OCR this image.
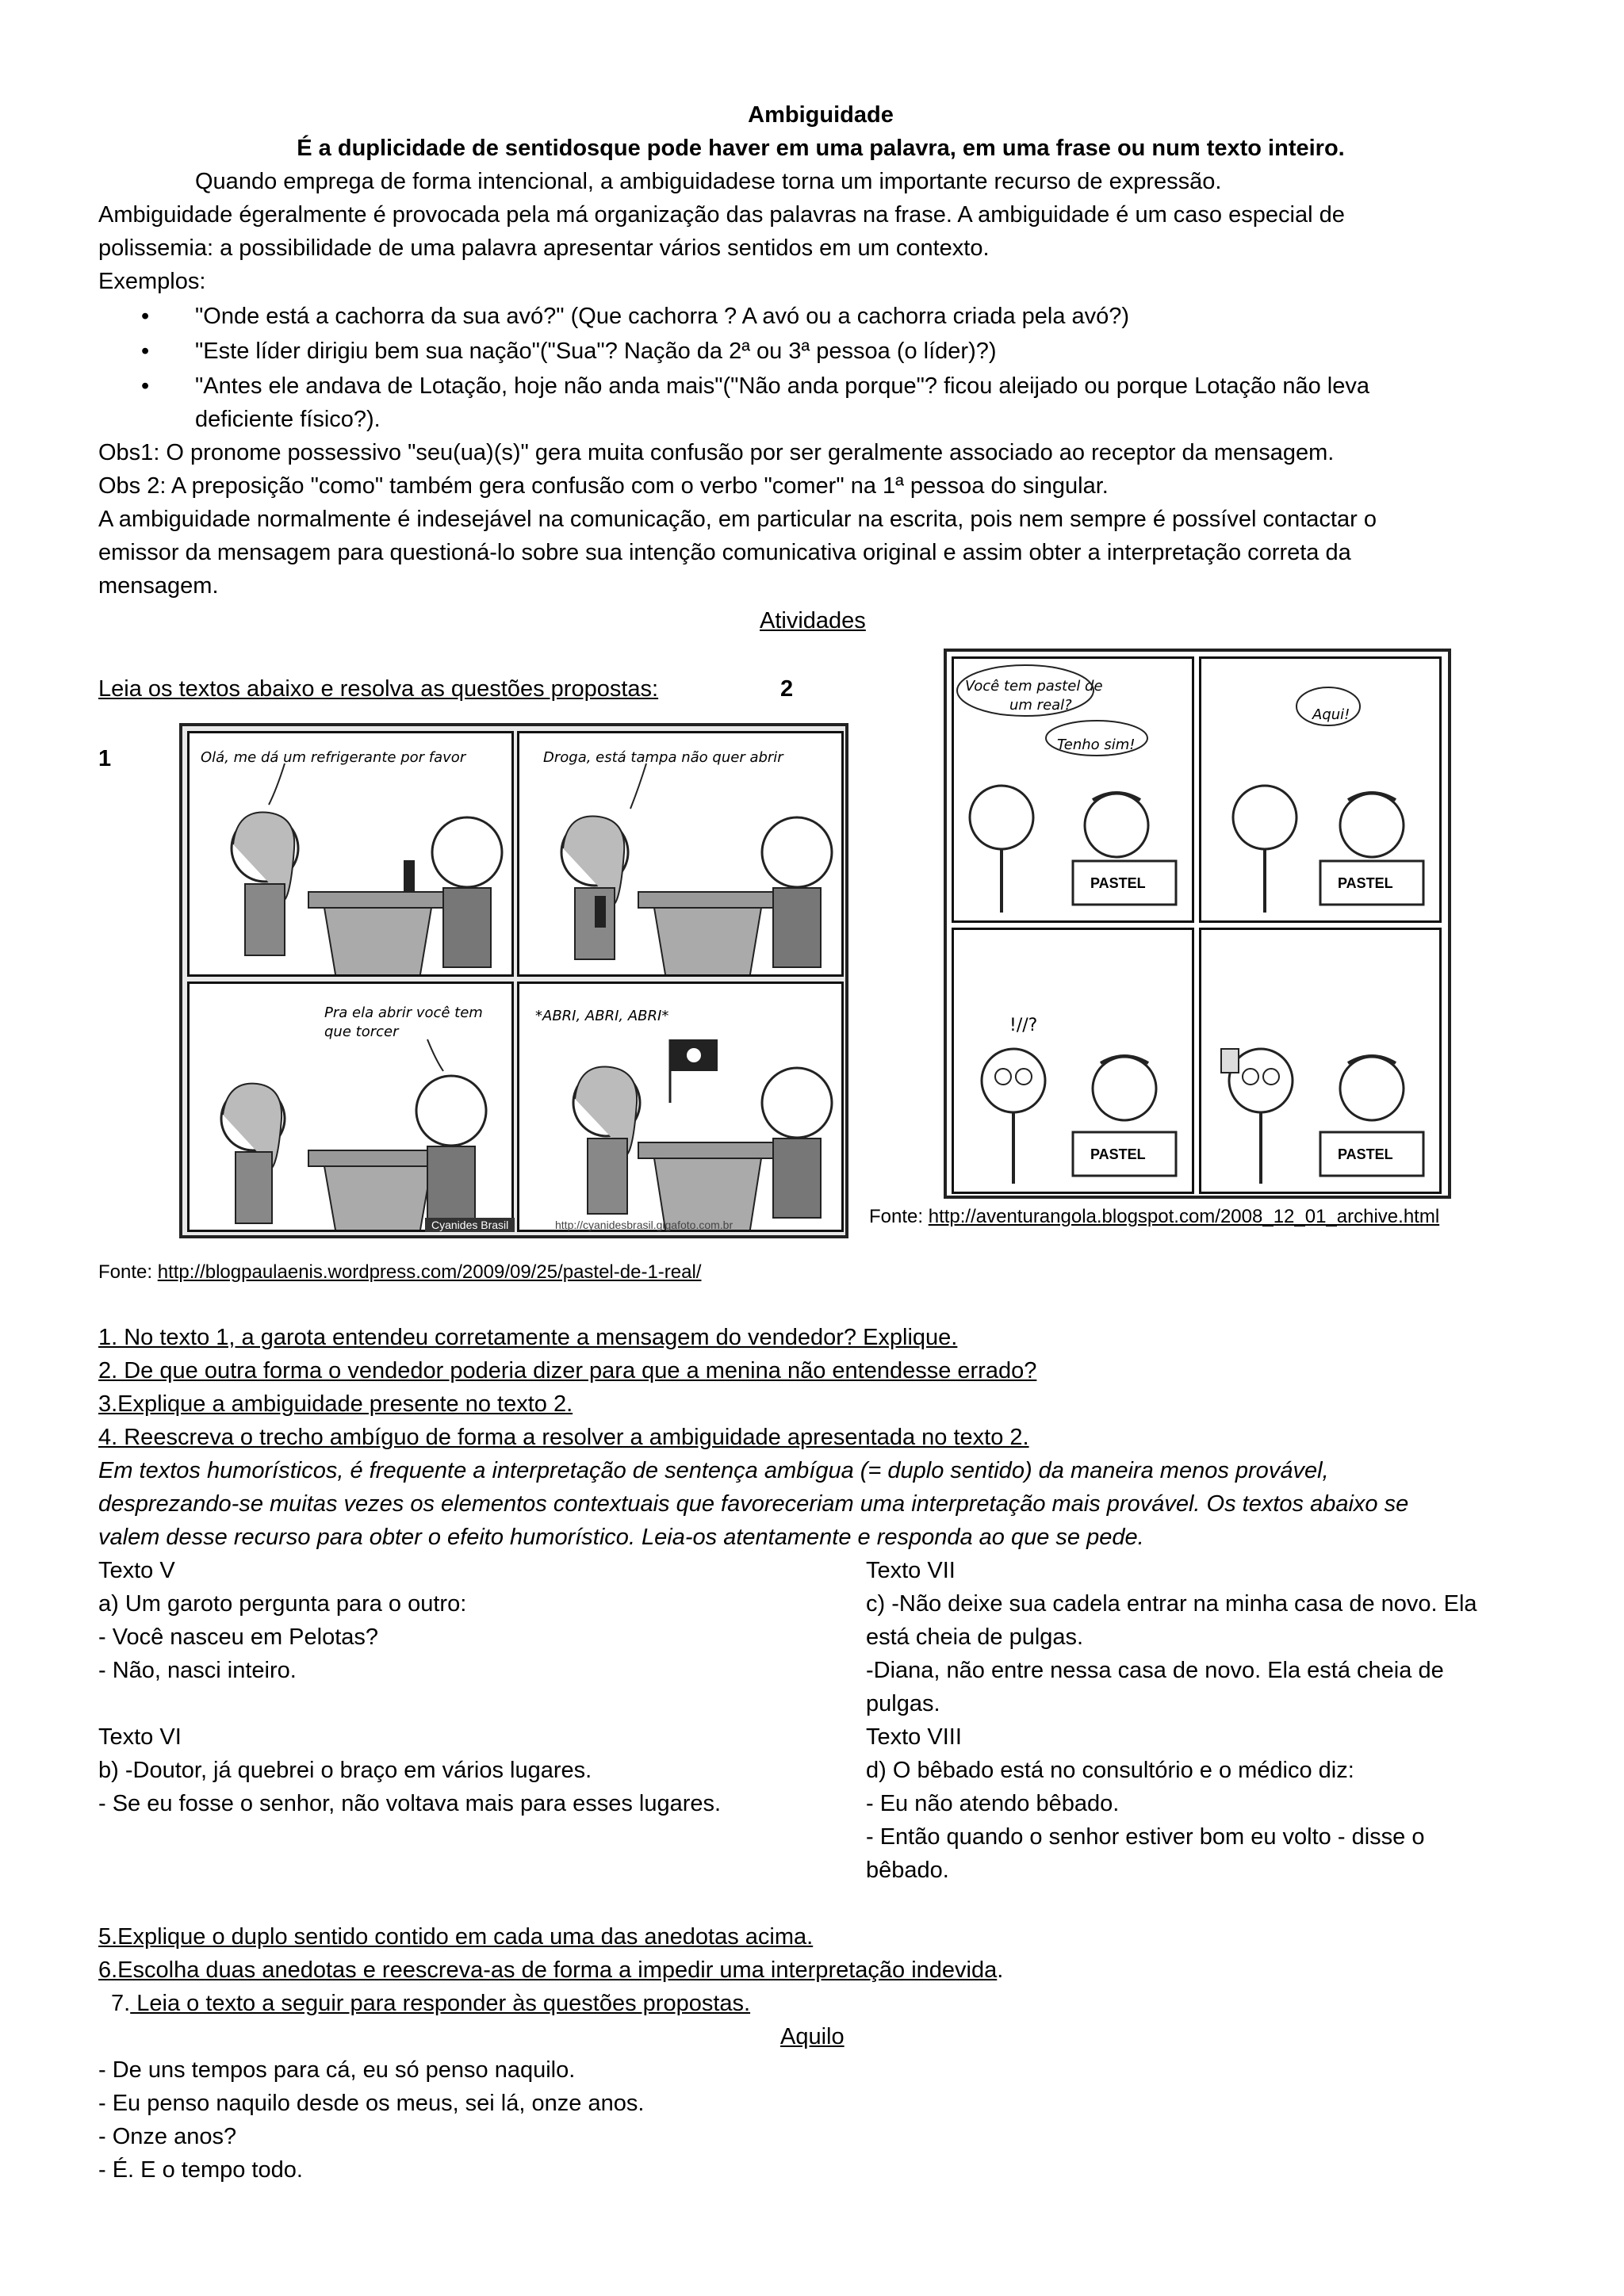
Ambiguidade
É a duplicidade de sentidosque pode haver em uma palavra, em uma frase ou num texto inteiro.
Quando emprega de forma intencional, a ambiguidadese torna um importante recurso de expressão.
Ambiguidade égeralmente é provocada pela má organização das palavras na frase. A ambiguidade é um caso especial de
polissemia: a possibilidade de uma palavra apresentar vários sentidos em um contexto.
Exemplos:
• "Onde está a cachorra da sua avó?" (Que cachorra ? A avó ou a cachorra criada pela avó?)
• "Este líder dirigiu bem sua nação"("Sua"? Nação da 2ª ou 3ª pessoa (o líder)?)
• "Antes ele andava de Lotação, hoje não anda mais"("Não anda porque"? ficou aleijado ou porque Lotação não leva
deficiente físico?).
Obs1: O pronome possessivo "seu(ua)(s)" gera muita confusão por ser geralmente associado ao receptor da mensagem.
Obs 2: A preposição "como" também gera confusão com o verbo "comer" na 1ª pessoa do singular.
A ambiguidade normalmente é indesejável na comunicação, em particular na escrita, pois nem sempre é possível contactar o
emissor da mensagem para questioná-lo sobre sua intenção comunicativa original e assim obter a interpretação correta da
mensagem.
Atividades
Leia os textos abaixo e resolva as questões propostas:	2
1	Olá, me dá um refrigerante por favor	Droga, está tampa não quer abrir
Pra ela abrir você tem
que torcer
*ABRI, ABRI, ABRI*
Cyanides Brasil	http://cyanidesbrasil.gigafoto.com.br
Você tem pastel de
um real?
Tenho sim!
PASTEL
Aqui!
PASTEL
!//?
PASTEL	PASTEL
Fonte: http://aventurangola.blogspot.com/2008_12_01_archive.html
Fonte: http://blogpaulaenis.wordpress.com/2009/09/25/pastel-de-1-real/
1. No texto 1, a garota entendeu corretamente a mensagem do vendedor? Explique.
2. De que outra forma o vendedor poderia dizer para que a menina não entendesse errado?
3.Explique a ambiguidade presente no texto 2.
4. Reescreva o trecho ambíguo de forma a resolver a ambiguidade apresentada no texto 2.
Em textos humorísticos, é frequente a interpretação de sentença ambígua (= duplo sentido) da maneira menos provável,
desprezando-se muitas vezes os elementos contextuais que favoreceriam uma interpretação mais provável. Os textos abaixo se
valem desse recurso para obter o efeito humorístico. Leia-os atentamente e responda ao que se pede.
Texto V
a) Um garoto pergunta para o outro:
- Você nasceu em Pelotas?
- Não, nasci inteiro.
Texto VI
b) -Doutor, já quebrei o braço em vários lugares.
- Se eu fosse o senhor, não voltava mais para esses lugares.
Texto VII
c) -Não deixe sua cadela entrar na minha casa de novo. Ela
está cheia de pulgas.
-Diana, não entre nessa casa de novo. Ela está cheia de
pulgas.
Texto VIII
d) O bêbado está no consultório e o médico diz:
- Eu não atendo bêbado.
- Então quando o senhor estiver bom eu volto - disse o
bêbado.
5.Explique o duplo sentido contido em cada uma das anedotas acima.
6.Escolha duas anedotas e reescreva-as de forma a impedir uma interpretação indevida.
7. Leia o texto a seguir para responder às questões propostas.
Aquilo
- De uns tempos para cá, eu só penso naquilo.
- Eu penso naquilo desde os meus, sei lá, onze anos.
- Onze anos?
- É. E o tempo todo.
